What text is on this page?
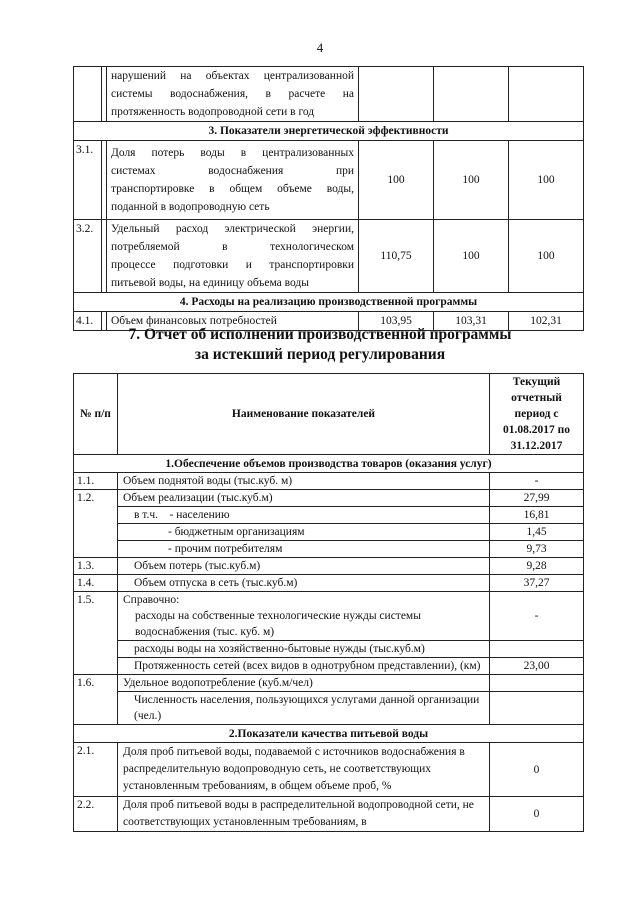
4

		нарушений на объектах централизованной
системы водоснабжения, в расчете на
протяженность водопроводной сети в год			

3. Показатели энергетической эффективности					
3.1.		Доля потерь воды в централизованных
системах водоснабжения при
транспортировке в общем объеме воды,
поданной в водопроводную сеть	100	100	100
3.2.		Удельный расход электрической энергии,
потребляемой в технологическом
процессе подготовки и транспортировки
питьевой воды, на единицу объема воды	110,75	100	100
4. Расходы на реализацию производственной программы					
4.1.		Объем финансовых потребностей	103,95	103,31	102,31
7. Отчет об исполнении производственной программы
за истекший период регулирования
№ п/п	Наименование показателей	Текущий отчетный период с 01.08.2017 по 31.12.2017
1.Обеспечение объемов производства товаров (оказания услуг)		
1.1.	Объем поднятой воды (тыс.куб. м)	-
1.2.	Объем реализации (тыс.куб.м)	27,99
	в т.ч.    - населению	16,81
	- бюджетным организациям	1,45
	- прочим потребителям	9,73
1.3.	Объем потерь (тыс.куб.м)	9,28
1.4.	Объем отпуска в сеть (тыс.куб.м)	37,27
1.5.	Справочно:
расходы на собственные технологические нужды системы водоснабжения (тыс. куб. м)	-
	расходы воды на хозяйственно-бытовые нужды (тыс.куб.м)	
	Протяженность сетей (всех видов в однотрубном представлении), (км)	23,00
1.6.	Удельное водопотребление (куб.м/чел)	
	Численность населения, пользующихся услугами данной организации (чел.)	
2.Показатели качества питьевой воды		
2.1.	Доля проб питьевой воды, подаваемой с источников водоснабжения в распределительную водопроводную сеть, не соответствующих установленным требованиям, в общем объеме проб, %	0
2.2.	Доля проб питьевой воды в распределительной водопроводной сети, не соответствующих установленным требованиям, в	0
